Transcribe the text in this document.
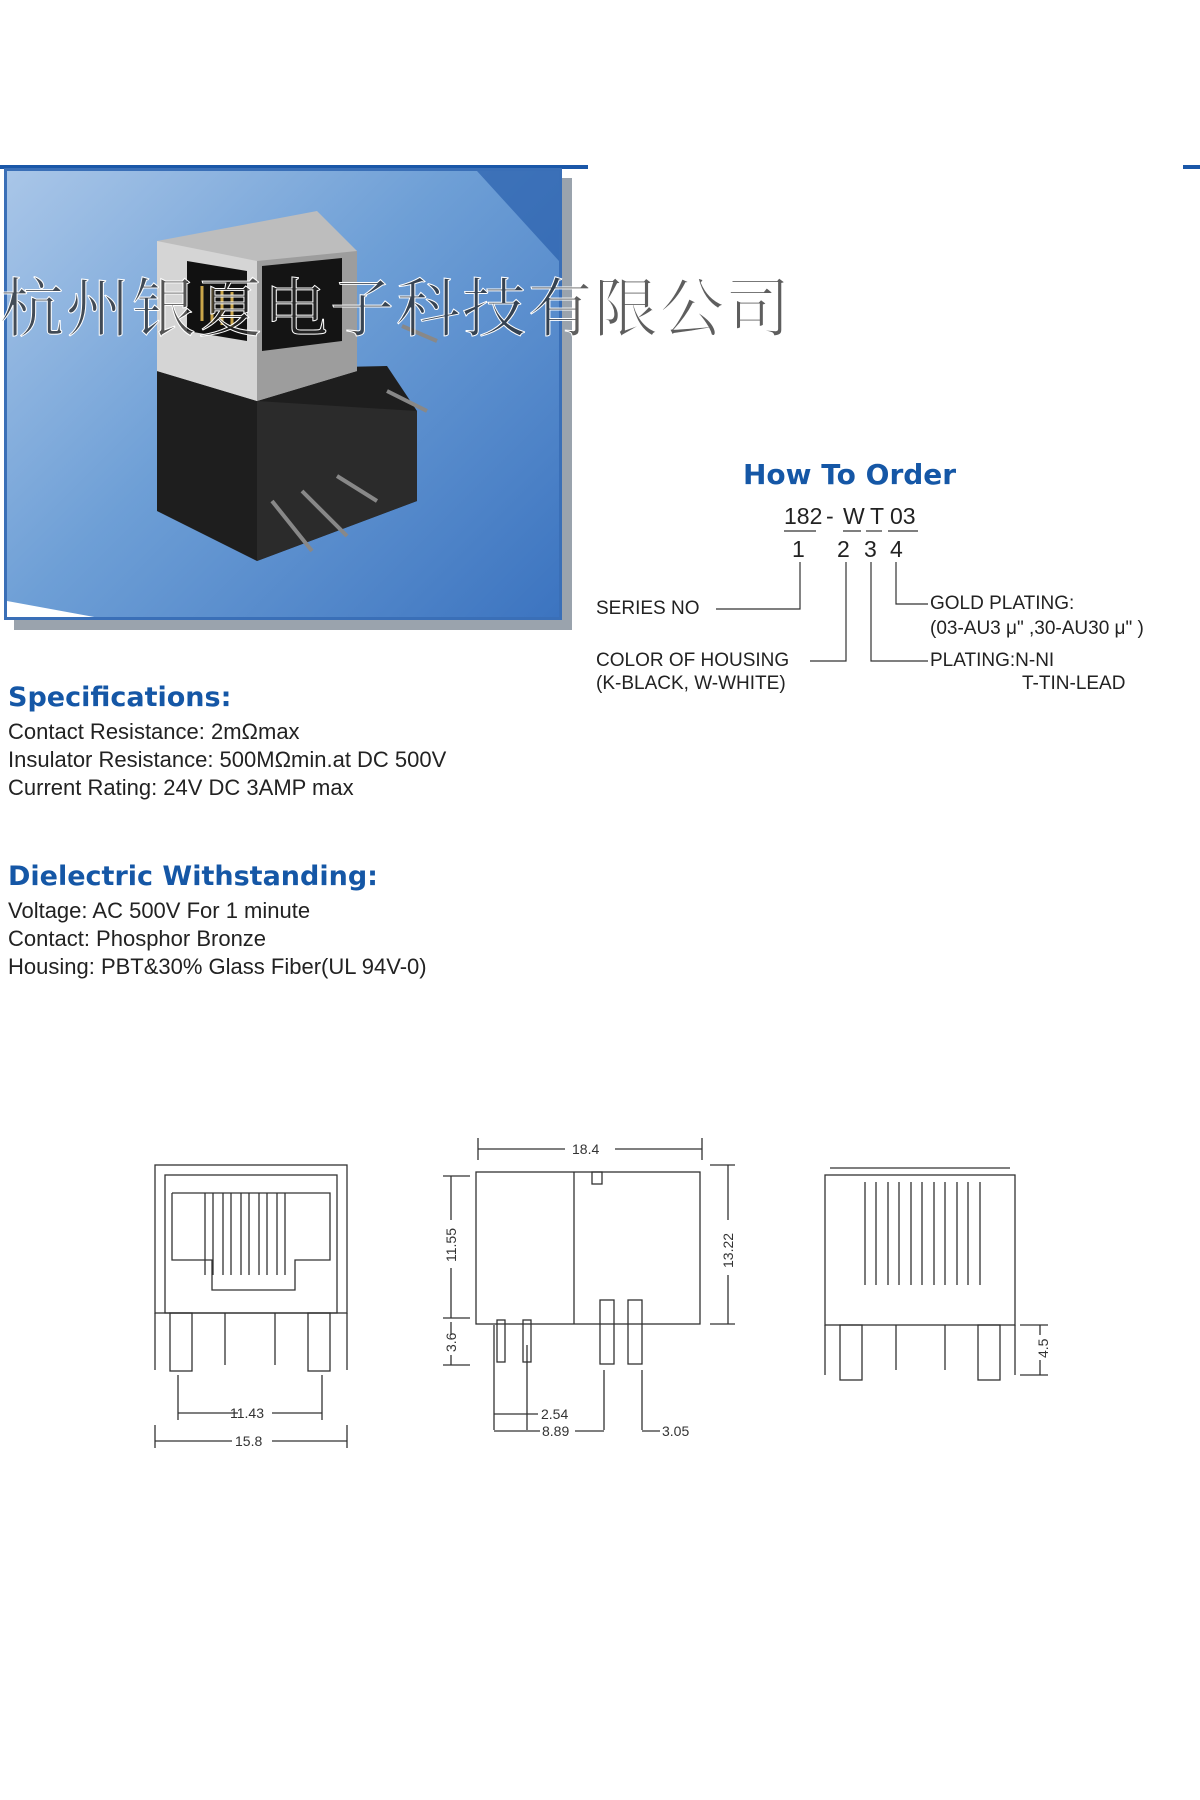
杭州银夏电子科技有限公司
How To Order
182 - W T 03
1 2 3 4
SERIES NO
COLOR OF HOUSING
(K-BLACK, W-WHITE)
GOLD PLATING:
(03-AU3 μ" ,30-AU30 μ" )
PLATING:N-NI
T-TIN-LEAD
Specifications:
Contact Resistance: 2mΩmax
Insulator Resistance: 500MΩmin.at DC 500V
Current Rating: 24V DC 3AMP max
Dielectric Withstanding:
Voltage: AC 500V For 1 minute
Contact: Phosphor Bronze
Housing: PBT&30% Glass Fiber(UL 94V-0)
11.43
15.8
18.4
11.55	13.22
3.6
2.54
8.89	3.05
4.5
